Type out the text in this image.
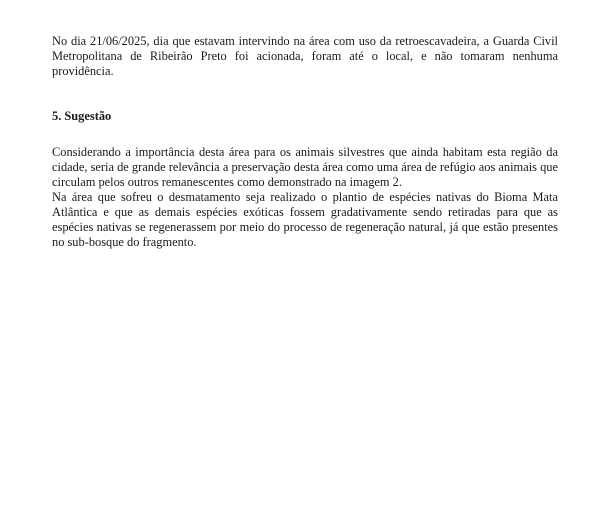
No dia 21/06/2025, dia que estavam intervindo na área com uso da retroescavadeira, a Guarda Civil Metropolitana de Ribeirão Preto foi acionada, foram até o local, e não tomaram nenhuma providência.

5. Sugestão

Considerando a importância desta área para os animais silvestres que ainda habitam esta região da cidade, seria de grande relevância a preservação desta área como uma área de refúgio aos animais que circulam pelos outros remanescentes como demonstrado na imagem 2.

Na área que sofreu o desmatamento seja realizado o plantio de espécies nativas do Bioma Mata Atlântica e que as demais espécies exóticas fossem gradativamente sendo retiradas para que as espécies nativas se regenerassem por meio do processo de regeneração natural, já que estão presentes no sub-bosque do fragmento.
